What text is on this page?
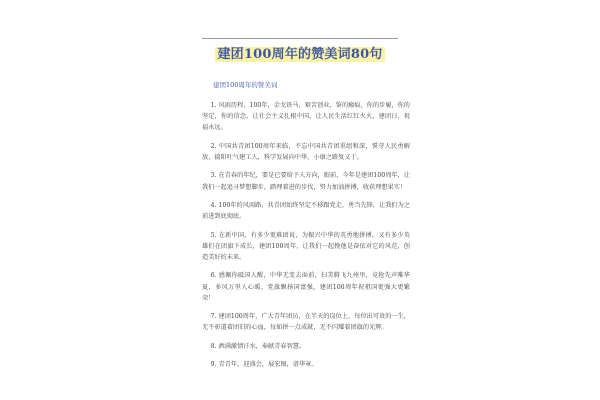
建团100周年的赞美词80句
建团100周年的赞美词

1. 风雨历程，100年，金戈铁马，艰苦创业，鉴的瘢痕，你的步履，你的坚定，你的信念，让社会主义扎根中国，让人民生活红红火火，建团日，祝福永远。

2. 中国共青团100周年来临，不忘中国共青团重组和深，誓芽人民勇解放，揣阳吐气建工人，科学发展向中华，小康之路复又于。

3. 在青春的年纪，要是已要给予人方向，眼前，今年是建团100周年，让我们一起追寻梦想脚步，踏理着进的步伐，努力加油拼搏，收获理想果实！

4. 100年的风雨路，共青团始终坚定不移跟党走，勇当先锋，让我们为之前进到底彻底。

5. 在新中国，有多少更难团说，为振兴中华的英勇地拼搏，又有多少英雄们在团旗下成长，建团100周年，让我们一起挽他是奋依对它的风范，创造美好的未来。

6. 感佩你砥国人醒，中华无变去面前，扫美腾飞九州里，竞抢先声唯华夏，多风万里人心暖，党旗飘扬国富强，建团100周年祝祖国更强大更繁荣！

7. 建团100周年，广大青年团员，在半天的岗位上，每位出可贵的一生，无不彰道着团旧的心血，每如拼一点成就，无不闪耀着团旗的光辉。

8. 洒满激情汗水，奉献青春智慧。

9. 青青年，迎盛会，展宏图，谱华章。
